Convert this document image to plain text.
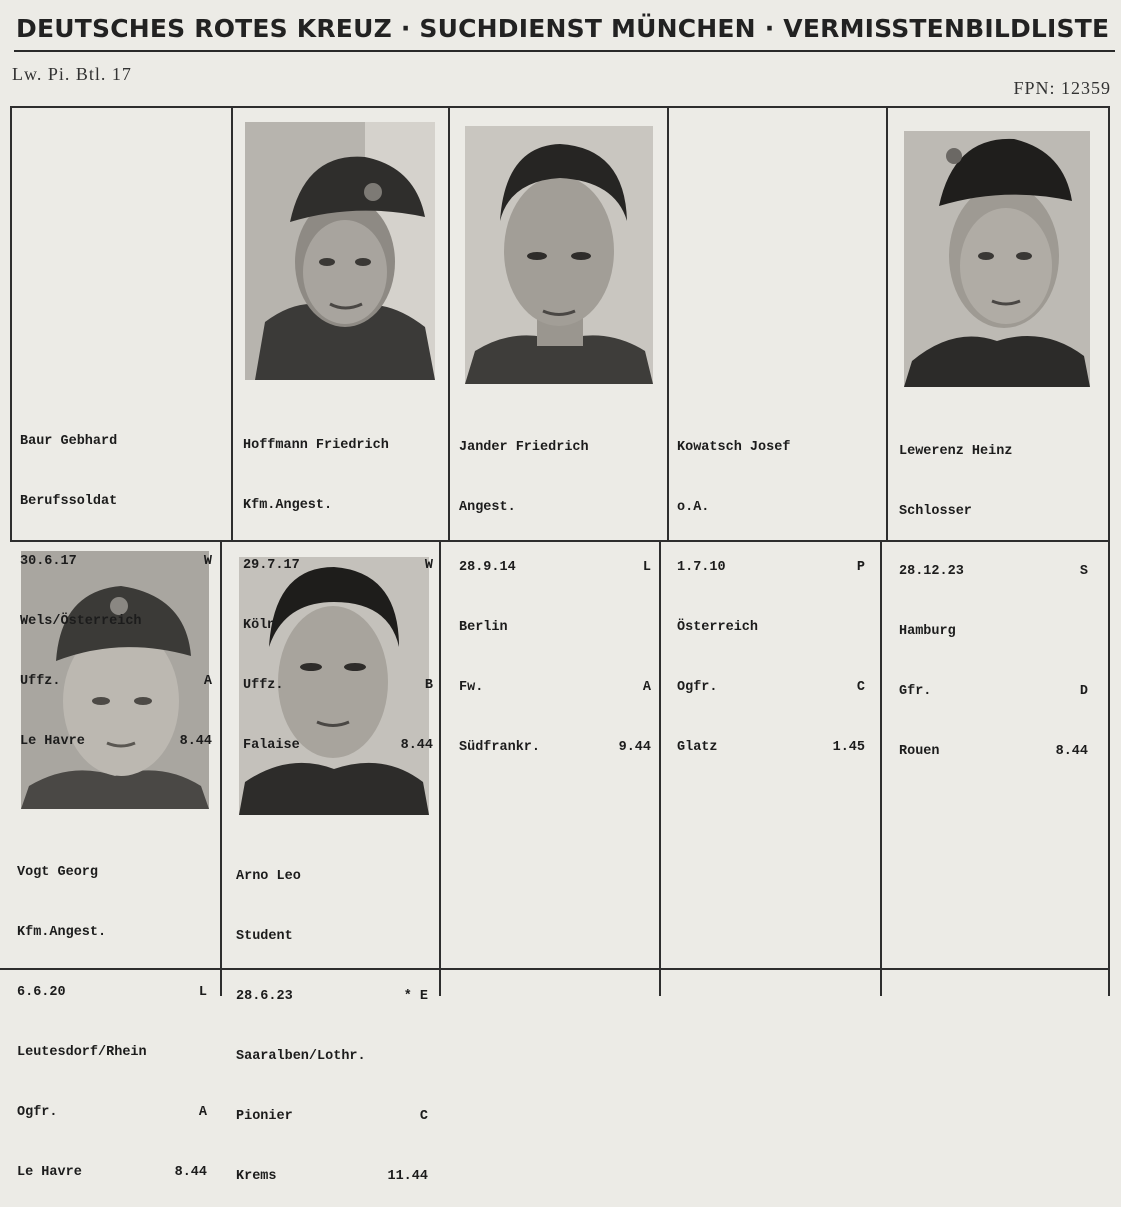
DEUTSCHES ROTES KREUZ · SUCHDIENST MÜNCHEN · VERMISSTENBILDLISTE
Lw. Pi. Btl. 17
FPN: 12359

Baur Gebhard

Berufssoldat

30.6.17	W

Wels/Österreich

Uffz.	A

Le Havre	8.44

Hoffmann Friedrich

Kfm.Angest.

29.7.17	W

Köln

Uffz.	B

Falaise	8.44

Jander Friedrich

Angest.

28.9.14	L

Berlin

Fw.	A

Südfrankr.	9.44

Kowatsch Josef

o.A.

1.7.10	P

Österreich

Ogfr.	C

Glatz	1.45

Lewerenz Heinz

Schlosser

28.12.23	S

Hamburg

Gfr.	D

Rouen	8.44

Vogt Georg

Kfm.Angest.

6.6.20	L

Leutesdorf/Rhein

Ogfr.	A

Le Havre	8.44

Arno Leo

Student

28.6.23	* E

Saaralben/Lothr.

Pionier	C

Krems	11.44
